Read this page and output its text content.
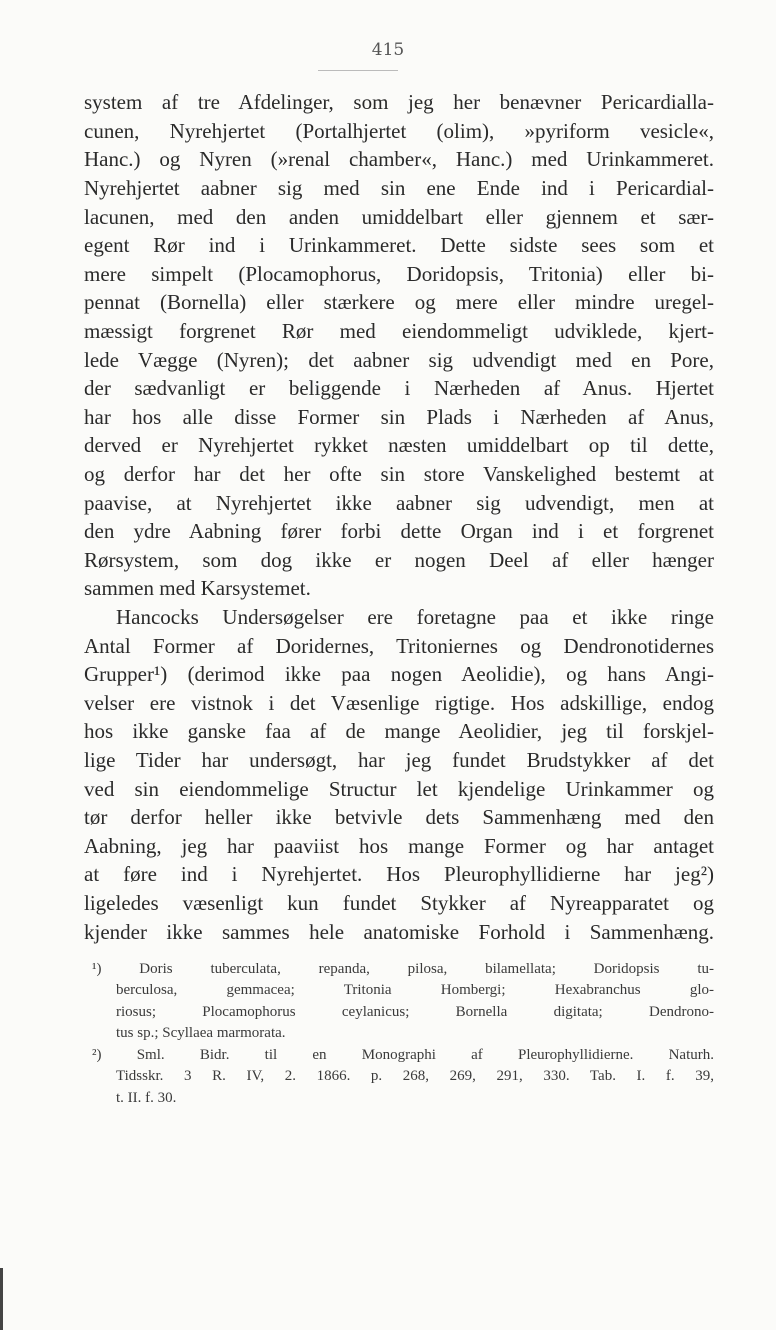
415
system af tre Afdelinger, som jeg her benævner Pericardialla-
cunen, Nyrehjertet (Portalhjertet (olim), »pyriform vesicle«,
Hanc.) og Nyren (»renal chamber«, Hanc.) med Urinkammeret.
Nyrehjertet aabner sig med sin ene Ende ind i Pericardial-
lacunen, med den anden umiddelbart eller gjennem et sær-
egent Rør ind i Urinkammeret. Dette sidste sees som et
mere simpelt (Plocamophorus, Doridopsis, Tritonia) eller bi-
pennat (Bornella) eller stærkere og mere eller mindre uregel-
mæssigt forgrenet Rør med eiendommeligt udviklede, kjert-
lede Vægge (Nyren); det aabner sig udvendigt med en Pore,
der sædvanligt er beliggende i Nærheden af Anus. Hjertet
har hos alle disse Former sin Plads i Nærheden af Anus,
derved er Nyrehjertet rykket næsten umiddelbart op til dette,
og derfor har det her ofte sin store Vanskelighed bestemt at
paavise, at Nyrehjertet ikke aabner sig udvendigt, men at
den ydre Aabning fører forbi dette Organ ind i et forgrenet
Rørsystem, som dog ikke er nogen Deel af eller hænger
sammen med Karsystemet.
Hancocks Undersøgelser ere foretagne paa et ikke ringe
Antal Former af Doridernes, Tritoniernes og Dendronotidernes
Grupper¹) (derimod ikke paa nogen Aeolidie), og hans Angi-
velser ere vistnok i det Væsenlige rigtige. Hos adskillige, endog
hos ikke ganske faa af de mange Aeolidier, jeg til forskjel-
lige Tider har undersøgt, har jeg fundet Brudstykker af det
ved sin eiendommelige Structur let kjendelige Urinkammer og
tør derfor heller ikke betvivle dets Sammenhæng med den
Aabning, jeg har paaviist hos mange Former og har antaget
at føre ind i Nyrehjertet. Hos Pleurophyllidierne har jeg²)
ligeledes væsenligt kun fundet Stykker af Nyreapparatet og
kjender ikke sammes hele anatomiske Forhold i Sammenhæng.
¹) Doris tuberculata, repanda, pilosa, bilamellata; Doridopsis tu-
berculosa, gemmacea; Tritonia Hombergi; Hexabranchus glo-
riosus; Plocamophorus ceylanicus; Bornella digitata; Dendrono-
tus sp.; Scyllaea marmorata.
²) Sml. Bidr. til en Monographi af Pleurophyllidierne. Naturh.
Tidsskr. 3 R. IV, 2. 1866. p. 268, 269, 291, 330. Tab. I. f. 39,
t. II. f. 30.
